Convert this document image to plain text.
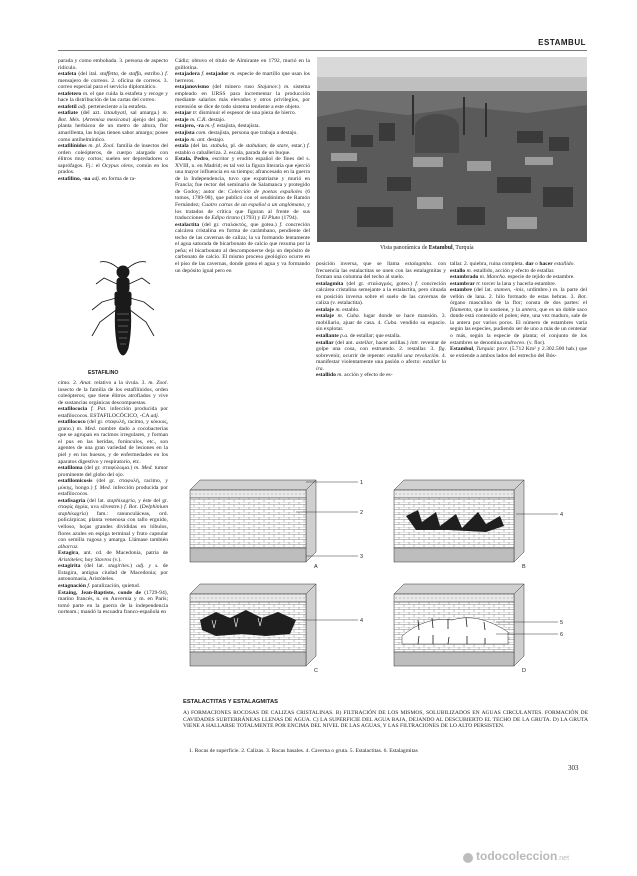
ESTAMBUL

parada y como embobada. 3. persona de aspecto ridículo.

estafeta (del ital. staffetta, de staffa, estribo.) f. mensajero de correos. 2. oficina de correos. 3. correo especial para el servicio diplomático.

estafetero m. el que cuida la estafeta y recoge y hace la distribución de las cartas del correo.

estafetil adj. perteneciente a la estafeta.

estafiate (del azt. iztauhyatl, sal amarga.) m. Bot. Méx. (Artemisa mexicana) ajenjo del país; planta herbácea de un metro de altura, flor amarillenta, las hojas tienen sabor amargo; posee como antihelmíntico.

estafilínidos m. pl. Zool. familia de insectos del orden coleópteros, de cuerpo alargado con élitros muy cortos; suelen ser depredadores o saprófagos. Fj.: el Ocypus olens, común en los prados.

estafilino, -na adj. en forma de ra-

ESTAFILINO

cimo. 2. Anat. relativo a la úvula. 3. m. Zool. insecto de la familia de los estafilínidos, orden coleópteros; que tiene élitros atrofiados y vive de sustancias orgánicas descompuestas.

estafilococia f. Pat. infección producida por estafilococos. ESTAFILOCÓCICO, -CA adj.

estafilococo (del gr. σταφυλή, racimo, y κόκκος, grano.) m. Med. nombre dado a cocobacterias que se agrupan en racimos irregulares, y forman el pus en las heridas, forúnculos, etc., son agentes de una gran variedad de lesiones en la piel y en los huesos, y de enfermedades en los aparatos digestivo y respiratorio, etc.

estafiloma (del gr. σταφύλωμα.) m. Med. tumor prominente del globo del ojo.

estafilomicosis (del gr. σταφυλή, racimo, y μύκης, hongo.) f. Med. infección producida por estafilococos.

estafisagria (del lat. staphisagria, y éste del gr. σταφίς ἀγρία, uva silvestre.) f. Bot. (Delphinium staphisagria) fam.: ranunculáceas, ord. policárpicas; planta venenosa con tallo erguido, velloso, hojas grandes divididas en lóbulos, flores azules en espiga terminal y fruto capsular con semilla rugosa y amarga. Llámase también albarraz.

Estagira, ant. cd. de Macedonia, patria de Aristóteles; hoy Stavros (v.).

estagirita (del lat. stagirites.) adj. y s. de Estagira, antigua ciudad de Macedonia; por antonomasia, Aristóteles.

estagnación f. paralización, quietud.

Estaing, Jean-Baptiste, conde de (1729-94), marino francés, n. en Auvernia y m. en París; tomó parte en la guerra de la independencia norteam.; mandó la escuadra franco-española en

Cádiz; obtuvo el título de Almirante en 1792, murió en la guillotina.

estajadera f. estajador m. especie de martillo que usan los herreros.

estajanovismo (del minero ruso Stajanov.) m. sistema empleado en URSS para incrementar la producción mediante salarios más elevados y otros privilegios, por extensión se dice de todo sistema tendente a este objeto.

estajar tr. disminuir el espesor de una pieza de hierro.

estaje m. C.R. destajo.

estajero, -ra m.-f. estajista, destajista.

estajista com. destajista, persona que trabaja a destajo.

estajo m. ant. destajo.

estala (del lat. stabula, pl. de stabulum; de stare, estar.) f. establo o caballeriza. 2. escala, parada de un buque.

Estala, Pedro, escritor y erudito español de fines del s. XVIII, n. en Madrid; es tal vez la figura literaria que ejerció una mayor influencia en su tiempo; afrancesado en la guerra de la Independencia, tuvo que expatriarse y murió en Francia; fue rector del seminario de Salamanca y protegido de Godoy; autor de: Colección de poetas españoles (6 tomos, 1789-98), que publicó con el seudónimo de Ramón Fernández; Cuatro cartas de un español a un anglómano, y los tratados de crítica que figuran al frente de sus traducciones de Edipo tirano (1793) y El Pluto (1794).

estalactita (del gr. σταλακτός, que gotea.) f. concreción calcárea cristalina en forma de carámbano, pendiente del techo de las cavernas de caliza; la va formando lentamente el agua saturada de bicarbonato de calcio que rezuma por la peña; el bicarbonato al descomponerse deja un depósito de carbonato de calcio. El mismo proceso geológico ocurre en el piso de las cavernas, donde gotea el agua y va formando un depósito igual pero en

Vista panorámica de Estambul, Turquía

posición inversa, que se llama estalagmita. con frecuencia las estalactitas se unen con las estalagmitas y forman una columna del techo al suelo.

estalagmita (del gr. σταλαγμός, goteo.) f. concreción calcárea cristalina semejante a la estalactita, pero situada en posición inversa sobre el suelo de las cavernas de caliza (v. estalactita).

estalaje m. establo.

estalaje m. Cuba. lugar donde se hace mansión. 3. mobiliario, ajuar de casa. 4. Cuba. vendido su espacio. sin explotar.

estallante p.a. de estallar; que estalla.

estallar (del ant. astellar, hacer astillas.) intr. reventar de golpe una cosa, con estruendo. 2. restallar. 3. fig. sobrevenir, ocurrir de repente: estalló una revolución. 4. manifestar violentamente una pasión o afecto: estallar la ira.

estallido m. acción y efecto de es-

tallar. 2. quiebra, ruina completa. dar o hacer estallido.

estallo m. estallido, acción y efecto de estallar.

estambrado m. Mancha. especie de tejido de estambre.

estambrar tr. torcer la lana y hacerla estambre.

estambre (del lat. stamen, -inis, urdimbre.) m. la parte del vellón de lana. 2. hilo formado de estas hebras. 3. Bot. órgano masculino de la flor; consta de dos partes: el filamento, que lo sostiene, y la antera, que es un doble saco donde está contenido el polen; éste, una vez maduro, sale de la antera por varios poros. El número de estambres varía según las especies, pudiendo ser de uno a más de un centenar o más, según la especie de planta; el conjunto de los estambres se denomina androceo. (v. flor).

Estambul, Turquía: prov. (5.712 Km² y 2.302.500 hab.) que se extiende a ambos lados del estrecho del Bós-

A	B
C	D
1
2
3
4
4	5
6
ESTALACTITAS Y ESTALAGMITAS
A) FORMACIONES ROCOSAS DE CALIZAS CRISTALINAS. B) FILTRACIÓN DE LOS MISMOS, SOLUBILIZADOS EN AGUAS CIRCULANTES. FORMACIÓN DE CAVIDADES SUBTERRÁNEAS LLENAS DE AGUA. C) LA SUPERFICIE DEL AGUA BAJA, DEJANDO AL DESCUBIERTO EL TECHO DE LA GRUTA. D) LA GRUTA VIENE A HALLARSE TOTALMENTE POR ENCIMA DEL NIVEL DE LAS AGUAS, Y LAS FILTRACIONES DE LO ALTO PERSISTEN.
1. Rocas de superficie. 2. Calizas. 3. Rocas basales. 4. Caverna o gruta. 5. Estalactitas. 6. Estalagmitas
303
todocoleccion.net
